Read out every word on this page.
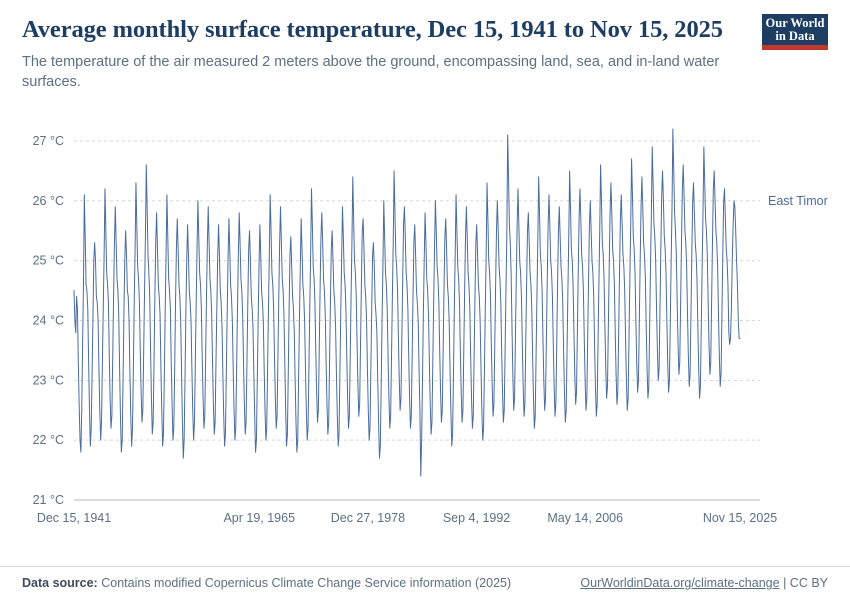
Average monthly surface temperature, Dec 15, 1941 to Nov 15, 2025

The temperature of the air measured 2 meters above the ground, encompassing land, sea, and in-land water surfaces.

Our World
in Data
21 °C
22 °C
23 °C
24 °C
25 °C
26 °C
27 °C
Dec 15, 1941	Apr 19, 1965	Dec 27, 1978	Sep 4, 1992	May 14, 2006	Nov 15, 2025
East Timor
Data source: Contains modified Copernicus Climate Change Service information (2025)	OurWorldinData.org/climate-change | CC BY
